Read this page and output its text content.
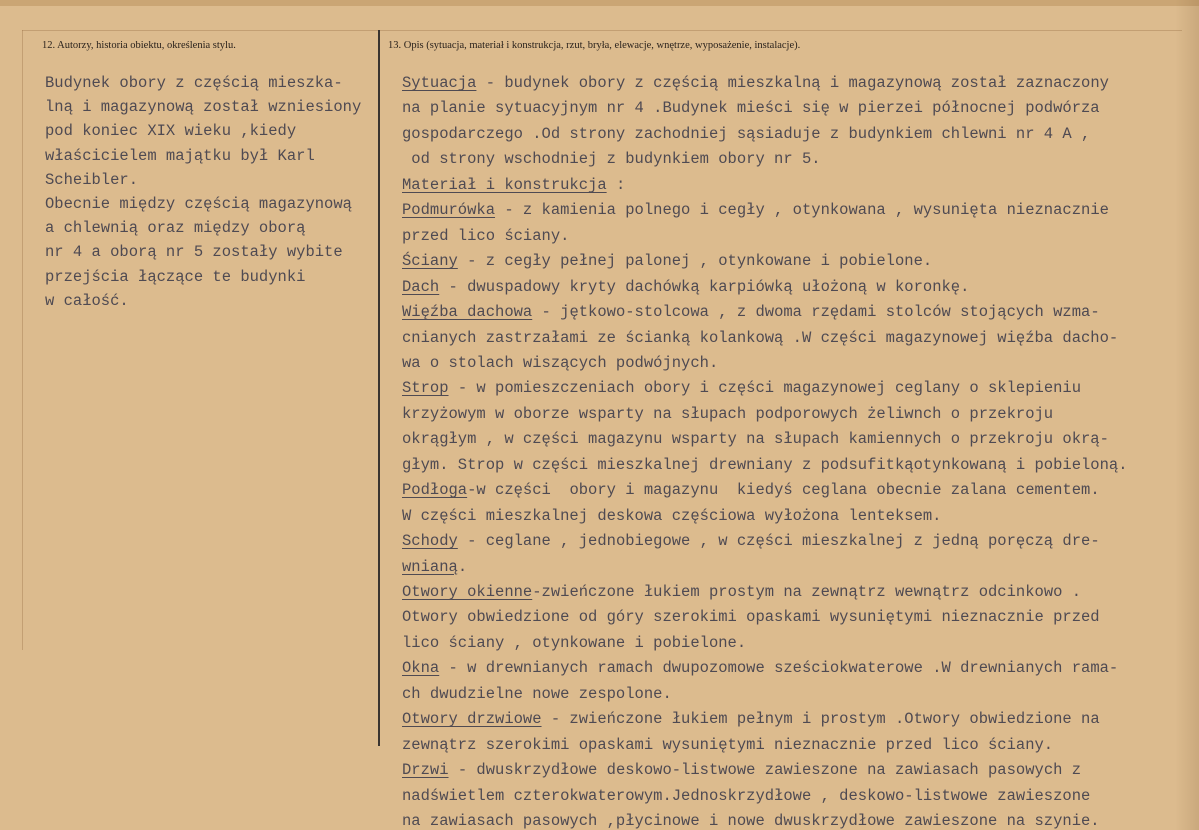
12. Autorzy, historia obiektu, określenia stylu.	13. Opis (sytuacja, materiał i konstrukcja, rzut, bryła, elewacje, wnętrze, wyposażenie, instalacje).
Budynek obory z częścią mieszka-
lną i magazynową został wzniesiony
pod koniec XIX wieku ,kiedy
właścicielem majątku był Karl
Scheibler.
Obecnie między częścią magazynową
a chlewnią oraz między oborą
nr 4 a oborą nr 5 zostały wybite
przejścia łączące te budynki
w całość.
Sytuacja - budynek obory z częścią mieszkalną i magazynową został zaznaczony
na planie sytuacyjnym nr 4 .Budynek mieści się w pierzei północnej podwórza
gospodarczego .Od strony zachodniej sąsiaduje z budynkiem chlewni nr 4 A ,
od strony wschodniej z budynkiem obory nr 5.
Materiał i konstrukcja :
Podmurówka - z kamienia polnego i cegły , otynkowana , wysunięta nieznacznie
przed lico ściany.
Ściany - z cegły pełnej palonej , otynkowane i pobielone.
Dach - dwuspadowy kryty dachówką karpiówką ułożoną w koronkę.
Więźba dachowa - jętkowo-stolcowa , z dwoma rzędami stolców stojących wzma-
cnianych zastrzałami ze ścianką kolankową .W części magazynowej więźba dacho-
wa o stolach wiszących podwójnych.
Strop - w pomieszczeniach obory i części magazynowej ceglany o sklepieniu
krzyżowym w oborze wsparty na słupach podporowych żeliwnch o przekroju
okrągłym , w części magazynu wsparty na słupach kamiennych o przekroju okrą-
głym. Strop w części mieszkalnej drewniany z podsufitkąotynkowaną i pobieloną.
Podłoga-w części  obory i magazynu  kiedyś ceglana obecnie zalana cementem.
W części mieszkalnej deskowa częściowa wyłożona lenteksem.
Schody - ceglane , jednobiegowe , w części mieszkalnej z jedną poręczą dre-
wnianą.
Otwory okienne-zwieńczone łukiem prostym na zewnątrz wewnątrz odcinkowo .
Otwory obwiedzione od góry szerokimi opaskami wysuniętymi nieznacznie przed
lico ściany , otynkowane i pobielone.
Okna - w drewnianych ramach dwupozomowe sześciokwaterowe .W drewnianych rama-
ch dwudzielne nowe zespolone.
Otwory drzwiowe - zwieńczone łukiem pełnym i prostym .Otwory obwiedzione na
zewnątrz szerokimi opaskami wysuniętymi nieznacznie przed lico ściany.
Drzwi - dwuskrzydłowe deskowo-listwowe zawieszone na zawiasach pasowych z
nadświetlem czterokwaterowym.Jednoskrzydłowe , deskowo-listwowe zawieszone
na zawiasach pasowych ,płycinowe i nowe dwuskrzydłowe zawieszone na szynie.
